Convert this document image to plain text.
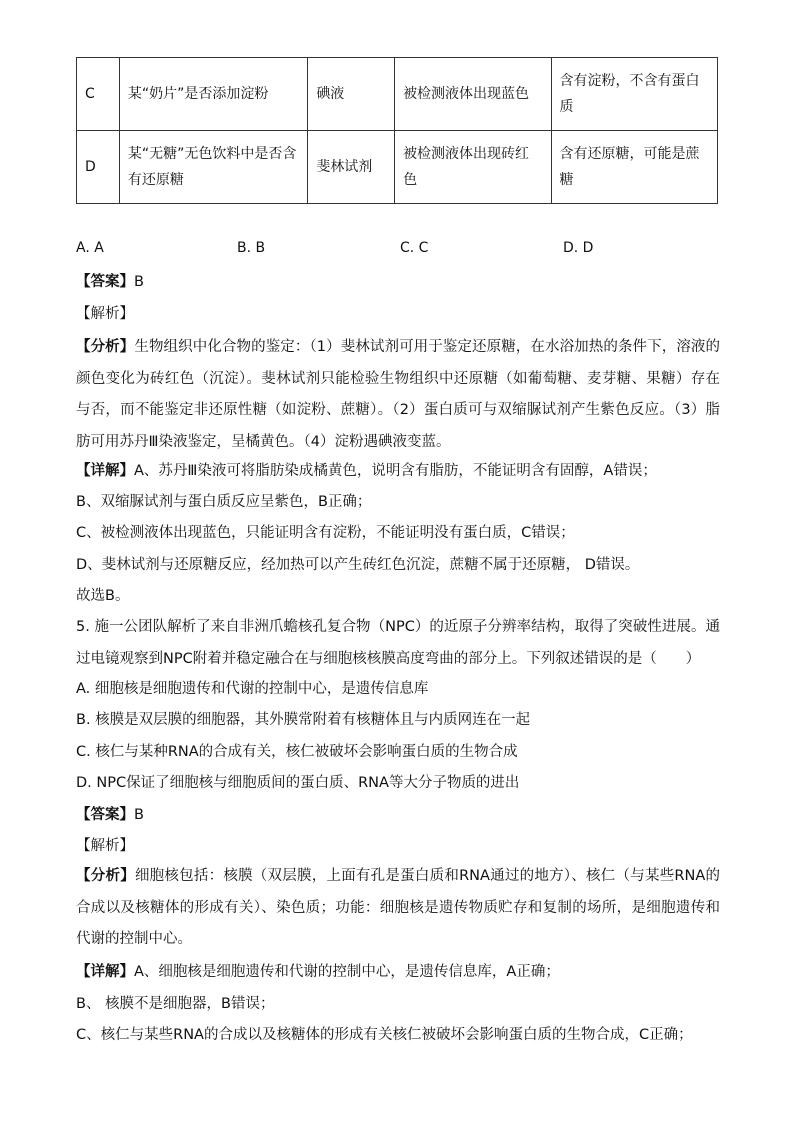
C	某“奶片”是否添加淀粉	碘液	被检测液体出现蓝色	含有淀粉，不含有蛋白质
D	某“无糖”无色饮料中是否含有还原糖	斐林试剂	被检测液体出现砖红色	含有还原糖，可能是蔗糖
A. A	B. B	C. C	D. D
【答案】B
【解析】
【分析】生物组织中化合物的鉴定：（1）斐林试剂可用于鉴定还原糖，在水浴加热的条件下，溶液的颜色变化为砖红色（沉淀）。斐林试剂只能检验生物组织中还原糖（如葡萄糖、麦芽糖、果糖）存在与否，而不能鉴定非还原性糖（如淀粉、蔗糖）。（2）蛋白质可与双缩脲试剂产生紫色反应。（3）脂肪可用苏丹Ⅲ染液鉴定，呈橘黄色。（4）淀粉遇碘液变蓝。
【详解】A、苏丹Ⅲ染液可将脂肪染成橘黄色，说明含有脂肪，不能证明含有固醇，A错误；
B、双缩脲试剂与蛋白质反应呈紫色，B正确；
C、被检测液体出现蓝色，只能证明含有淀粉，不能证明没有蛋白质，C错误；
D、斐林试剂与还原糖反应，经加热可以产生砖红色沉淀，蔗糖不属于还原糖， D错误。
故选B。
5. 施一公团队解析了来自非洲爪蟾核孔复合物（NPC）的近原子分辨率结构，取得了突破性进展。通过电镜观察到NPC附着并稳定融合在与细胞核核膜高度弯曲的部分上。下列叙述错误的是（　　）
A. 细胞核是细胞遗传和代谢的控制中心，是遗传信息库
B. 核膜是双层膜的细胞器，其外膜常附着有核糖体且与内质网连在一起
C. 核仁与某种RNA的合成有关，核仁被破坏会影响蛋白质的生物合成
D. NPC保证了细胞核与细胞质间的蛋白质、RNA等大分子物质的进出
【答案】B
【解析】
【分析】细胞核包括：核膜（双层膜，上面有孔是蛋白质和RNA通过的地方）、核仁（与某些RNA的合成以及核糖体的形成有关）、染色质；功能：细胞核是遗传物质贮存和复制的场所，是细胞遗传和代谢的控制中心。
【详解】A、细胞核是细胞遗传和代谢的控制中心，是遗传信息库，A正确；
B、 核膜不是细胞器，B错误；
C、核仁与某些RNA的合成以及核糖体的形成有关核仁被破坏会影响蛋白质的生物合成，C正确；
